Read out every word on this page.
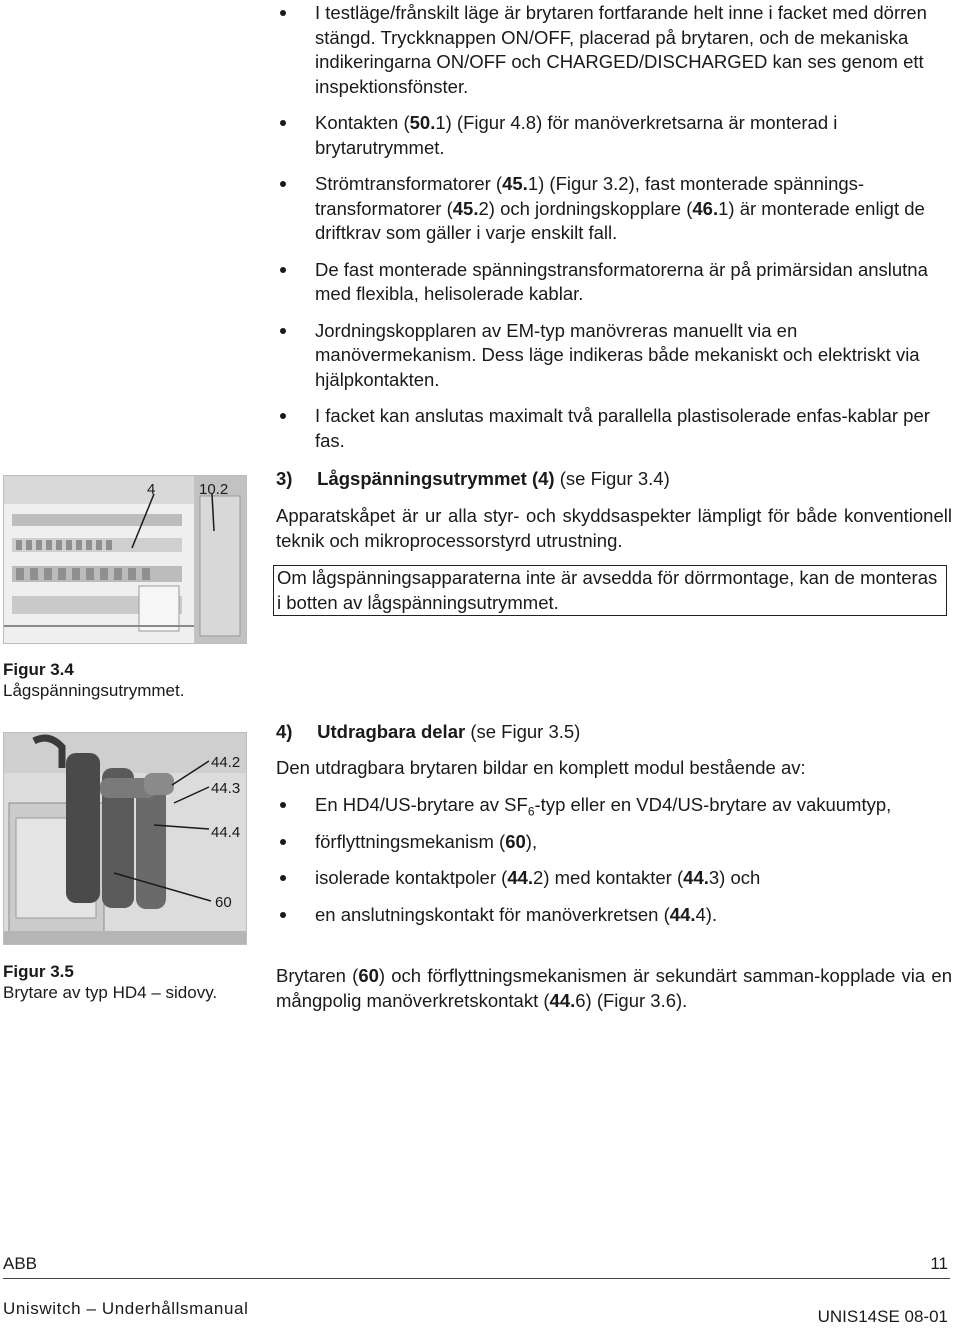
I testläge/frånskilt läge är brytaren fortfarande helt inne i facket med dörren stängd. Tryckknappen ON/OFF, placerad på brytaren, och de mekaniska indikeringarna ON/OFF och CHARGED/DISCHARGED kan ses genom ett inspektionsfönster.
Kontakten (50.1) (Figur 4.8) för manöverkretsarna är monterad i brytarutrymmet.
Strömtransformatorer (45.1) (Figur 3.2), fast monterade spännings-transformatorer (45.2) och jordningskopplare (46.1) är monterade enligt de driftkrav som gäller i varje enskilt fall.
De fast monterade spänningstransformatorerna är på primärsidan anslutna med flexibla, helisolerade kablar.
Jordningskopplaren av EM-typ manövreras manuellt via en manövermekanism. Dess läge indikeras både mekaniskt och elektriskt via hjälpkontakten.
I facket kan anslutas maximalt två parallella plastisolerade enfas-kablar per fas.
4	10.2
Figur 3.4
Lågspänningsutrymmet.
3) Lågspänningsutrymmet (4) (se Figur 3.4)
Apparatskåpet är ur alla styr- och skyddsaspekter lämpligt för både konventionell teknik och mikroprocessorstyrd utrustning.
Om lågspänningsapparaterna inte är avsedda för dörrmontage, kan de monteras i botten av lågspänningsutrymmet.
44.2
44.3
44.4
60
Figur 3.5
Brytare av typ HD4 – sidovy.
4) Utdragbara delar (se Figur 3.5)
Den utdragbara brytaren bildar en komplett modul bestående av:
En HD4/US-brytare av $SF_6$-typ eller en VD4/US-brytare av vakuumtyp,
förflyttningsmekanism (60),
isolerade kontaktpoler (44.2) med kontakter (44.3) och
en anslutningskontakt för manöverkretsen (44.4).
Brytaren (60) och förflyttningsmekanismen är sekundärt samman-kopplade via en mångpolig manöverkretskontakt (44.6) (Figur 3.6).
ABB	11
Uniswitch – Underhållsmanual	UNIS14SE 08-01
